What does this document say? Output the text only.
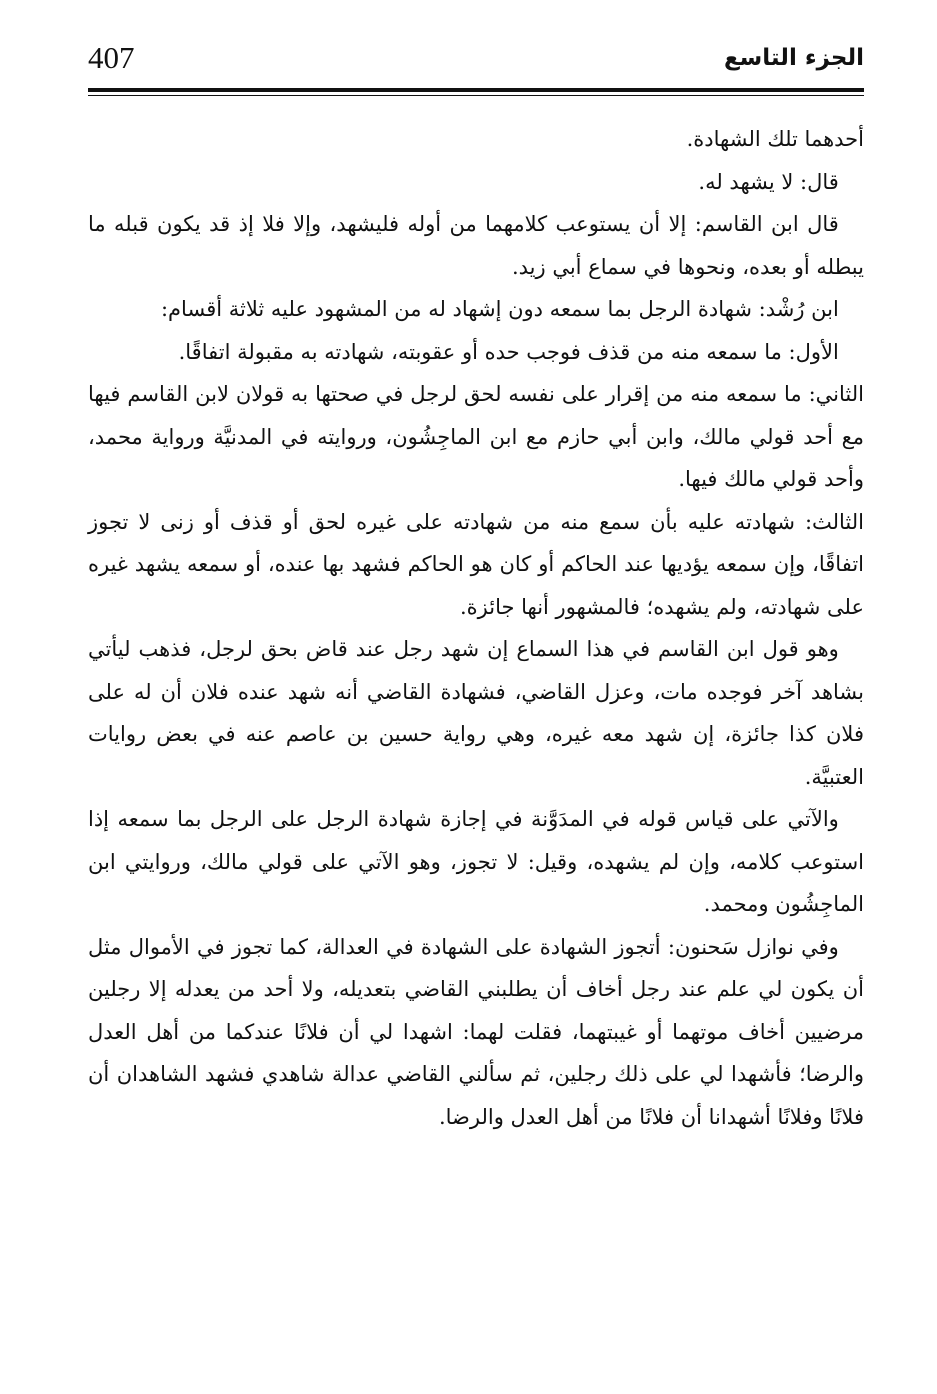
407	الجزء التاسع

أحدهما تلك الشهادة.

قال: لا يشهد له.

قال ابن القاسم: إلا أن يستوعب كلامهما من أوله فليشهد، وإلا فلا إذ قد يكون قبله ما يبطله أو بعده، ونحوها في سماع أبي زيد.

ابن رُشْد: شهادة الرجل بما سمعه دون إشهاد له من المشهود عليه ثلاثة أقسام:

الأول: ما سمعه منه من قذف فوجب حده أو عقوبته، شهادته به مقبولة اتفاقًا.

الثاني: ما سمعه منه من إقرار على نفسه لحق لرجل في صحتها به قولان لابن القاسم فيها مع أحد قولي مالك، وابن أبي حازم مع ابن الماجِشُون، وروايته في المدنيَّة ورواية محمد، وأحد قولي مالك فيها.

الثالث: شهادته عليه بأن سمع منه من شهادته على غيره لحق أو قذف أو زنى لا تجوز اتفاقًا، وإن سمعه يؤديها عند الحاكم أو كان هو الحاكم فشهد بها عنده، أو سمعه يشهد غيره على شهادته، ولم يشهده؛ فالمشهور أنها جائزة.

وهو قول ابن القاسم في هذا السماع إن شهد رجل عند قاض بحق لرجل، فذهب ليأتي بشاهد آخر فوجده مات، وعزل القاضي، فشهادة القاضي أنه شهد عنده فلان أن له على فلان كذا جائزة، إن شهد معه غيره، وهي رواية حسين بن عاصم عنه في بعض روايات العتبيَّة.

والآتي على قياس قوله في المدَوَّنة في إجازة شهادة الرجل على الرجل بما سمعه إذا استوعب كلامه، وإن لم يشهده، وقيل: لا تجوز، وهو الآتي على قولي مالك، وروايتي ابن الماجِشُون ومحمد.

وفي نوازل سَحنون: أتجوز الشهادة على الشهادة في العدالة، كما تجوز في الأموال مثل أن يكون لي علم عند رجل أخاف أن يطلبني القاضي بتعديله، ولا أحد من يعدله إلا رجلين مرضيين أخاف موتهما أو غيبتهما، فقلت لهما: اشهدا لي أن فلانًا عندكما من أهل العدل والرضا؛ فأشهدا لي على ذلك رجلين، ثم سألني القاضي عدالة شاهدي فشهد الشاهدان أن فلانًا وفلانًا أشهدانا أن فلانًا من أهل العدل والرضا.
